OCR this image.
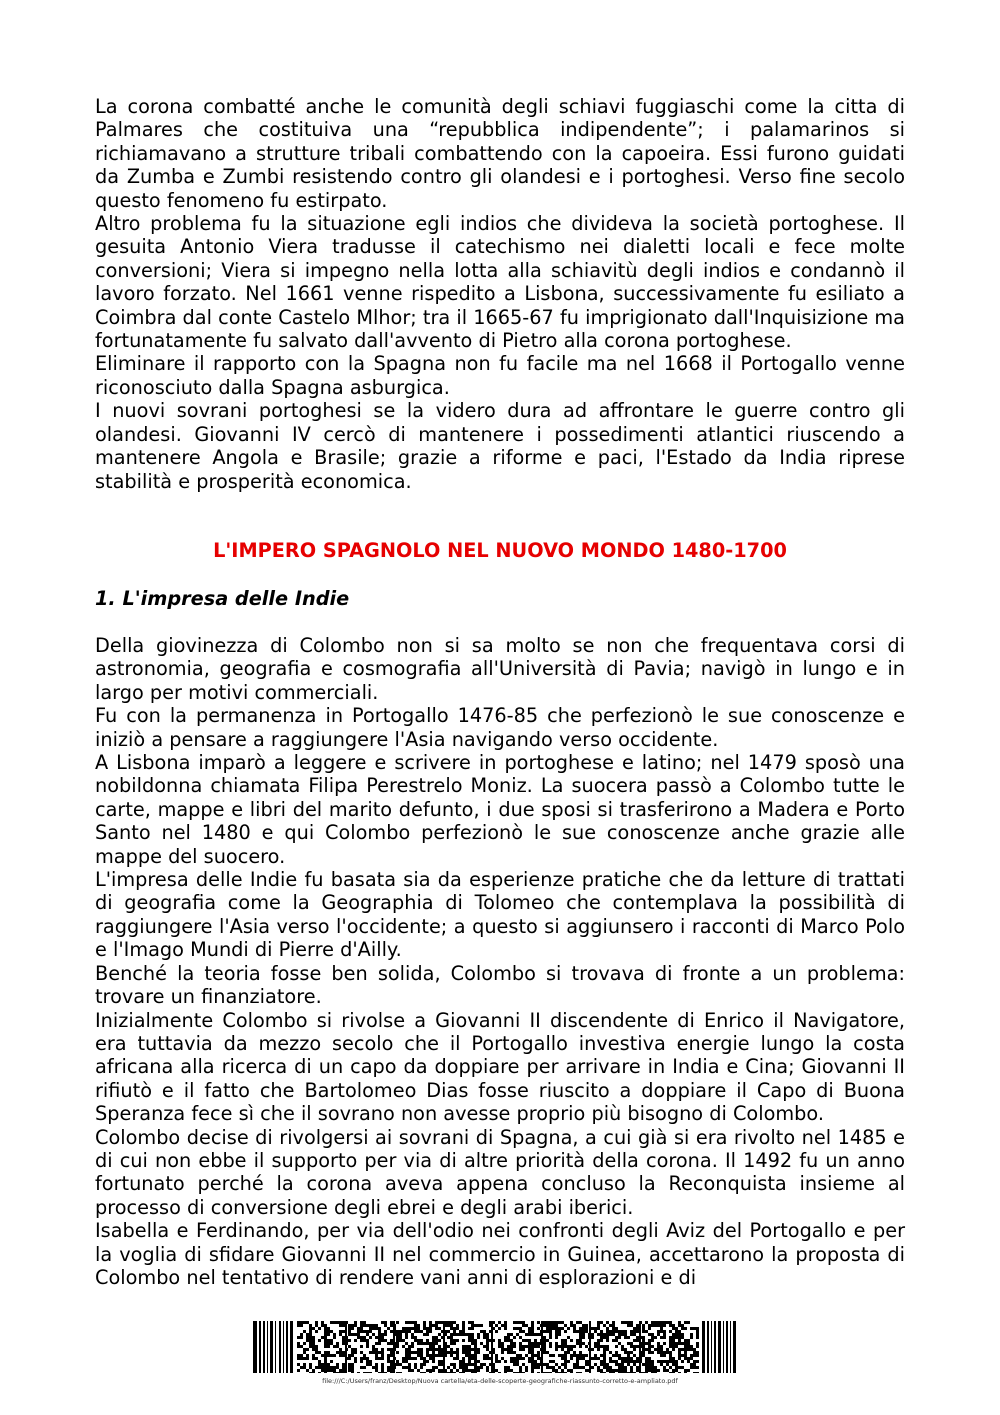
La corona combatté anche le comunità degli schiavi fuggiaschi come la citta di Palmares che costituiva una “repubblica indipendente”; i palamarinos si richiamavano a strutture tribali combattendo con la capoeira. Essi furono guidati da Zumba e Zumbi resistendo contro gli olandesi e i portoghesi. Verso fine secolo questo fenomeno fu estirpato.

Altro problema fu la situazione egli indios che divideva la società portoghese. Il gesuita Antonio Viera tradusse il catechismo nei dialetti locali e fece molte conversioni; Viera si impegno nella lotta alla schiavitù degli indios e condannò il lavoro forzato. Nel 1661 venne rispedito a Lisbona, successivamente fu esiliato a Coimbra dal conte Castelo Mlhor; tra il 1665-67 fu imprigionato dall'Inquisizione ma fortunatamente fu salvato dall'avvento di Pietro alla corona portoghese.

Eliminare il rapporto con la Spagna non fu facile ma nel 1668 il Portogallo venne riconosciuto dalla Spagna asburgica.

I nuovi sovrani portoghesi se la videro dura ad affrontare le guerre contro gli olandesi. Giovanni IV cercò di mantenere i possedimenti atlantici riuscendo a mantenere Angola e Brasile; grazie a riforme e paci, l'Estado da India riprese stabilità e prosperità economica.

L'IMPERO SPAGNOLO NEL NUOVO MONDO 1480-1700
1. L'impresa delle Indie

Della giovinezza di Colombo non si sa molto se non che frequentava corsi di astronomia, geografia e cosmografia all'Università di Pavia; navigò in lungo e in largo per motivi commerciali.

Fu con la permanenza in Portogallo 1476-85 che perfezionò le sue conoscenze e iniziò a pensare a raggiungere l'Asia navigando verso occidente.

A Lisbona imparò a leggere e scrivere in portoghese e latino; nel 1479 sposò una nobildonna chiamata Filipa Perestrelo Moniz. La suocera passò a Colombo tutte le carte, mappe e libri del marito defunto, i due sposi si trasferirono a Madera e Porto Santo nel 1480 e qui Colombo perfezionò le sue conoscenze anche grazie alle mappe del suocero.

L'impresa delle Indie fu basata sia da esperienze pratiche che da letture di trattati di geografia come la Geographia di Tolomeo che contemplava la possibilità di raggiungere l'Asia verso l'occidente; a questo si aggiunsero i racconti di Marco Polo e l'Imago Mundi di Pierre d'Ailly.

Benché la teoria fosse ben solida, Colombo si trovava di fronte a un problema: trovare un finanziatore.

Inizialmente Colombo si rivolse a Giovanni II discendente di Enrico il Navigatore, era tuttavia da mezzo secolo che il Portogallo investiva energie lungo la costa africana alla ricerca di un capo da doppiare per arrivare in India e Cina; Giovanni II rifiutò e il fatto che Bartolomeo Dias fosse riuscito a doppiare il Capo di Buona Speranza fece sì che il sovrano non avesse proprio più bisogno di Colombo.

Colombo decise di rivolgersi ai sovrani di Spagna, a cui già si era rivolto nel 1485 e di cui non ebbe il supporto per via di altre priorità della corona. Il 1492 fu un anno fortunato perché la corona aveva appena concluso la Reconquista insieme al processo di conversione degli ebrei e degli arabi iberici.

Isabella e Ferdinando, per via dell'odio nei confronti degli Aviz del Portogallo e per la voglia di sfidare Giovanni II nel commercio in Guinea, accettarono la proposta di Colombo nel tentativo di rendere vani anni di esplorazioni e di

file:///C:/Users/franz/Desktop/Nuova cartella/eta-delle-scoperte-geografiche-riassunto-corretto-e-ampliato.pdf
